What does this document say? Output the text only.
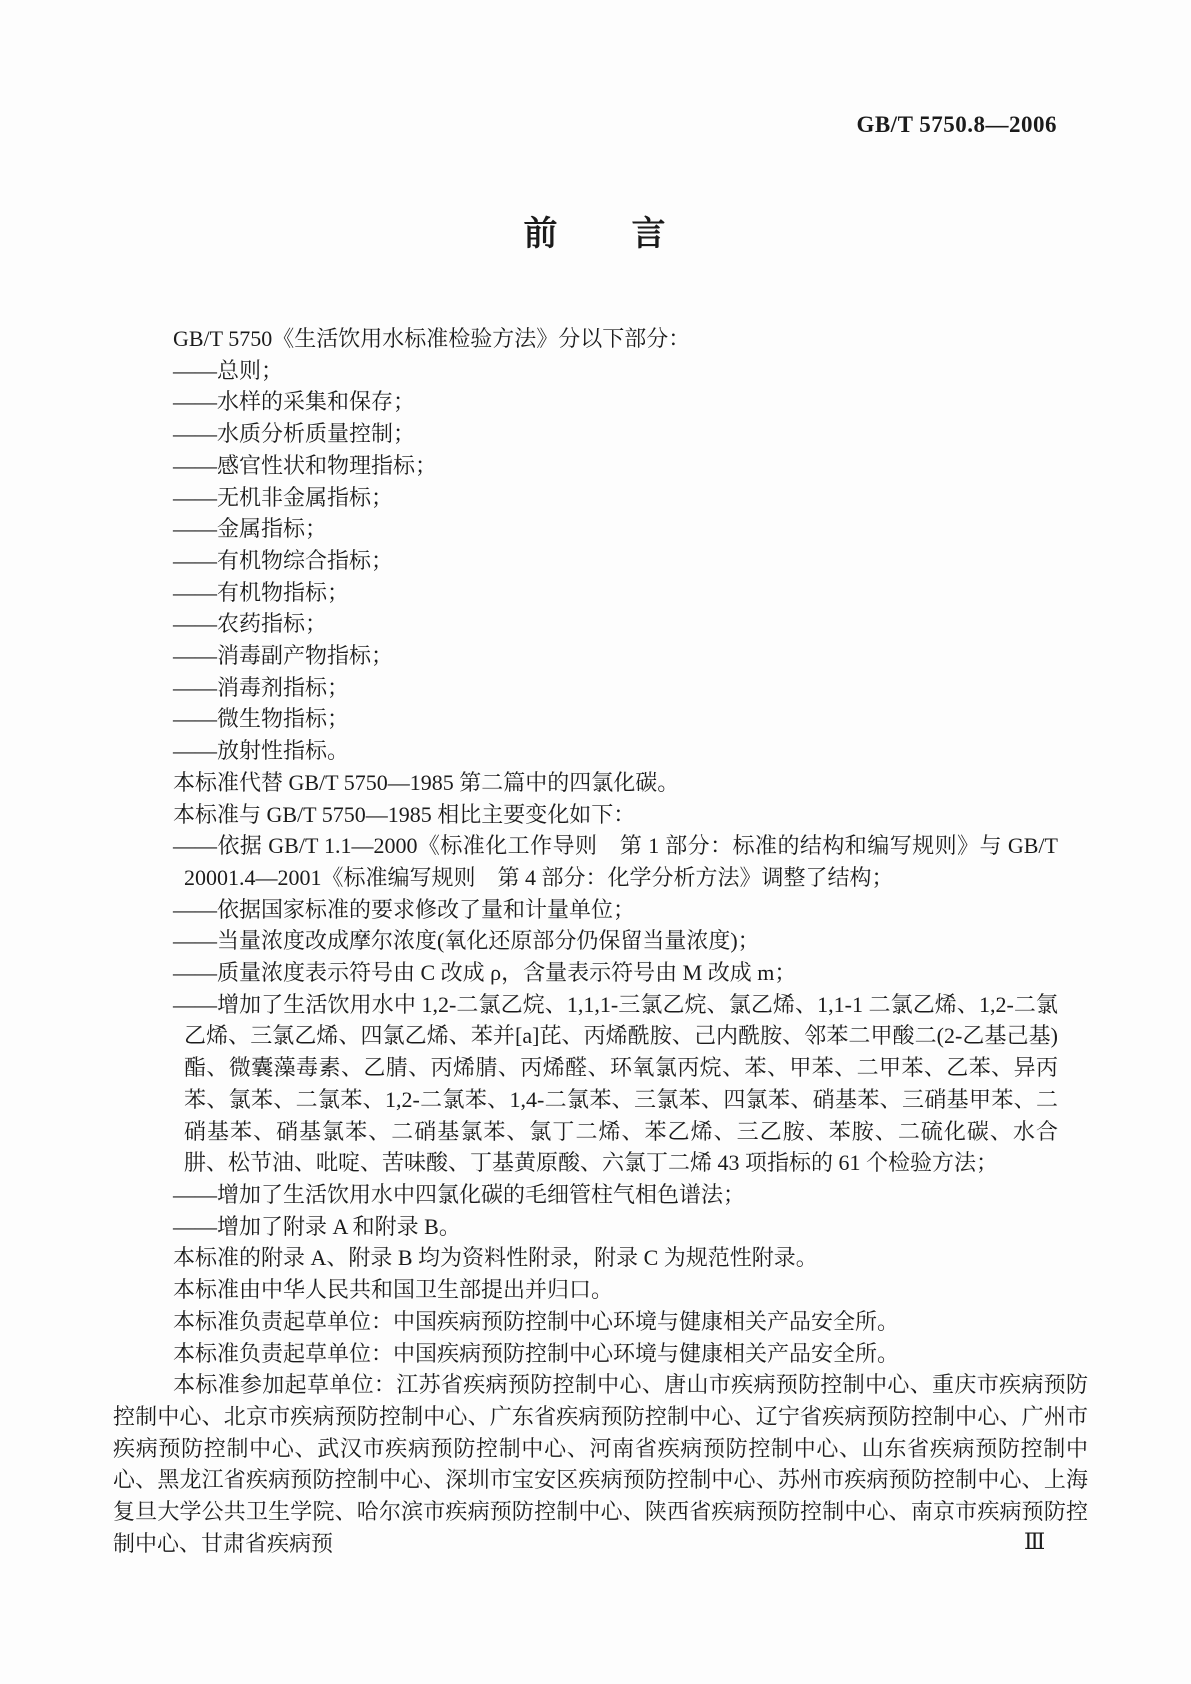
GB/T 5750.8—2006
前　　言

GB/T 5750《生活饮用水标准检验方法》分以下部分：

——总则；

——水样的采集和保存；

——水质分析质量控制；

——感官性状和物理指标；

——无机非金属指标；

——金属指标；

——有机物综合指标；

——有机物指标；

——农药指标；

——消毒副产物指标；

——消毒剂指标；

——微生物指标；

——放射性指标。

本标准代替 GB/T 5750—1985 第二篇中的四氯化碳。

本标准与 GB/T 5750—1985 相比主要变化如下：

——依据 GB/T 1.1—2000《标准化工作导则　第 1 部分：标准的结构和编写规则》与 GB/T 20001.4—2001《标准编写规则　第 4 部分：化学分析方法》调整了结构；

——依据国家标准的要求修改了量和计量单位；

——当量浓度改成摩尔浓度(氧化还原部分仍保留当量浓度)；

——质量浓度表示符号由 C 改成 ρ，含量表示符号由 M 改成 m；

——增加了生活饮用水中 1,2-二氯乙烷、1,1,1-三氯乙烷、氯乙烯、1,1-1 二氯乙烯、1,2-二氯乙烯、三氯乙烯、四氯乙烯、苯并[a]芘、丙烯酰胺、己内酰胺、邻苯二甲酸二(2-乙基己基)酯、微囊藻毒素、乙腈、丙烯腈、丙烯醛、环氧氯丙烷、苯、甲苯、二甲苯、乙苯、异丙苯、氯苯、二氯苯、1,2-二氯苯、1,4-二氯苯、三氯苯、四氯苯、硝基苯、三硝基甲苯、二硝基苯、硝基氯苯、二硝基氯苯、氯丁二烯、苯乙烯、三乙胺、苯胺、二硫化碳、水合肼、松节油、吡啶、苦味酸、丁基黄原酸、六氯丁二烯 43 项指标的 61 个检验方法；

——增加了生活饮用水中四氯化碳的毛细管柱气相色谱法；

——增加了附录 A 和附录 B。

本标准的附录 A、附录 B 均为资料性附录，附录 C 为规范性附录。

本标准由中华人民共和国卫生部提出并归口。

本标准负责起草单位：中国疾病预防控制中心环境与健康相关产品安全所。

本标准负责起草单位：中国疾病预防控制中心环境与健康相关产品安全所。

本标准参加起草单位：江苏省疾病预防控制中心、唐山市疾病预防控制中心、重庆市疾病预防控制中心、北京市疾病预防控制中心、广东省疾病预防控制中心、辽宁省疾病预防控制中心、广州市疾病预防控制中心、武汉市疾病预防控制中心、河南省疾病预防控制中心、山东省疾病预防控制中心、黑龙江省疾病预防控制中心、深圳市宝安区疾病预防控制中心、苏州市疾病预防控制中心、上海复旦大学公共卫生学院、哈尔滨市疾病预防控制中心、陕西省疾病预防控制中心、南京市疾病预防控制中心、甘肃省疾病预	Ⅲ
